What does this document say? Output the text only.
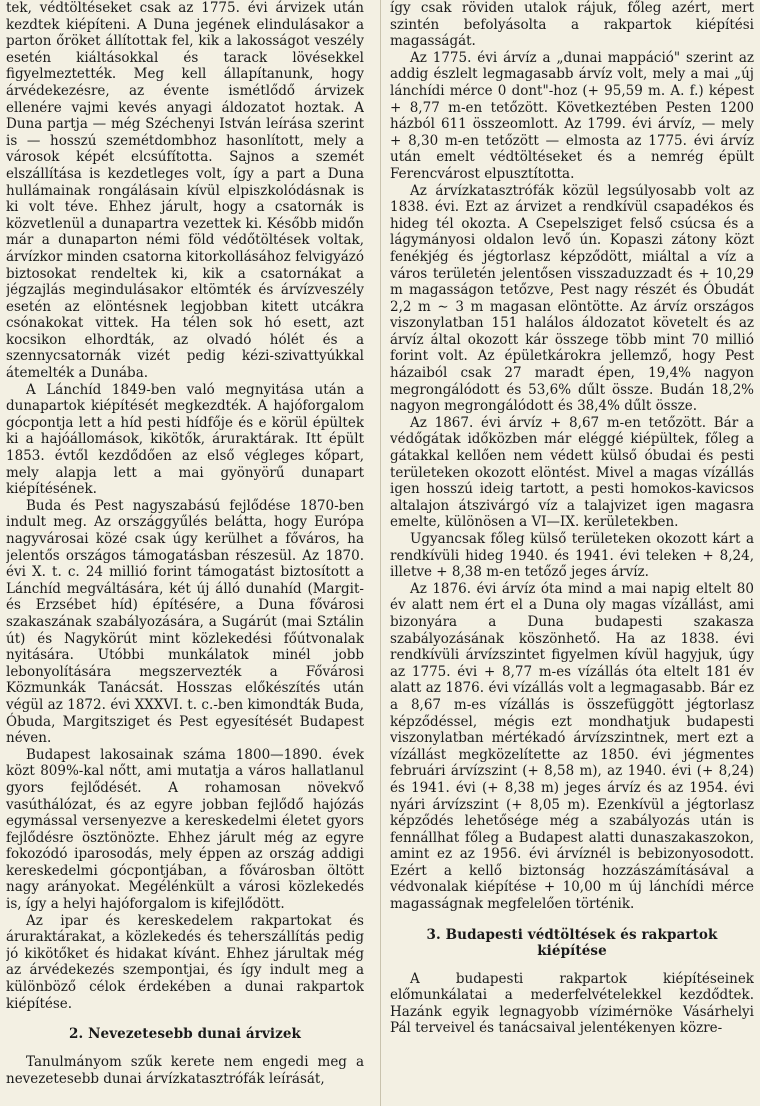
tek, védtöltéseket csak az 1775. évi árvizek után kezdtek kiépíteni. A Duna jegének elindulásakor a parton őröket állítottak fel, kik a lakosságot veszély esetén kiáltásokkal és tarack lövésekkel figyelmeztették. Meg kell állapítanunk, hogy árvédekezésre, az évente ismétlődő árvizek ellenére vajmi kevés anyagi áldozatot hoztak. A Duna partja — még Széchenyi István leírása szerint is — hosszú szemétdombhoz hasonlított, mely a városok képét elcsúfította. Sajnos a szemét elszállítása is kezdetleges volt, így a part a Duna hullámainak rongálásain kívül elpiszkolódásnak is ki volt téve. Ehhez járult, hogy a csatornák is közvetlenül a dunapartra vezettek ki. Később midőn már a dunaparton némi föld védőtöltések voltak, árvízkor minden csatorna kitorkollásához felvigyázó biztosokat rendeltek ki, kik a csatornákat a jégzajlás megindulásakor eltömték és árvízveszély esetén az elöntésnek legjobban kitett utcákra csónakokat vittek. Ha télen sok hó esett, azt kocsikon elhordták, az olvadó hólét és a szennycsatornák vizét pedig kézi-szivattyúkkal átemelték a Dunába.

A Lánchíd 1849-ben való megnyitása után a dunapartok kiépítését megkezdték. A hajóforgalom gócpontja lett a híd pesti hídfője és e körül épültek ki a hajóállomások, kikötők, áruraktárak. Itt épült 1853. évtől kezdődően az első végleges kőpart, mely alapja lett a mai gyönyörű dunapart kiépítésének.

Buda és Pest nagyszabású fejlődése 1870-ben indult meg. Az országgyűlés belátta, hogy Európa nagyvárosai közé csak úgy kerülhet a főváros, ha jelentős országos támogatásban részesül. Az 1870. évi X. t. c. 24 millió forint támogatást biztosított a Lánchíd megváltására, két új álló dunahíd (Margit- és Erzsébet híd) építésére, a Duna fővárosi szakaszának szabályozására, a Sugárút (mai Sztálin út) és Nagykörút mint közlekedési főútvonalak nyitására. Utóbbi munkálatok minél jobb lebonyolítására megszervezték a Fővárosi Közmunkák Tanácsát. Hosszas előkészítés után végül az 1872. évi XXXVI. t. c.-ben kimondták Buda, Óbuda, Margitsziget és Pest egyesítését Budapest néven.

Budapest lakosainak száma 1800—1890. évek közt 809%-kal nőtt, ami mutatja a város hallatlanul gyors fejlődését. A rohamosan növekvő vasúthálózat, és az egyre jobban fejlődő hajózás egymással versenyezve a kereskedelmi életet gyors fejlődésre ösztönözte. Ehhez járult még az egyre fokozódó iparosodás, mely éppen az ország addigi kereskedelmi gócpontjában, a fővárosban öltött nagy arányokat. Megélénkült a városi közlekedés is, így a helyi hajóforgalom is kifejlődött.

Az ipar és kereskedelem rakpartokat és áruraktárakat, a közlekedés és teherszállítás pedig jó kikötőket és hidakat kívánt. Ehhez járultak még az árvédekezés szempontjai, és így indult meg a különböző célok érdekében a dunai rakpartok kiépítése.

2. Nevezetesebb dunai árvizek

Tanulmányom szűk kerete nem engedi meg a nevezetesebb dunai árvízkatasztrófák leírását,

így csak röviden utalok rájuk, főleg azért, mert szintén befolyásolta a rakpartok kiépítési magasságát.

Az 1775. évi árvíz a „dunai mappáció" szerint az addig észlelt legmagasabb árvíz volt, mely a mai „új lánchídi mérce 0 dont"-hoz (+ 95,59 m. A. f.) képest + 8,77 m-en tetőzött. Következtében Pesten 1200 házból 611 összeomlott. Az 1799. évi árvíz, — mely + 8,30 m-en tetőzött — elmosta az 1775. évi árvíz után emelt védtöltéseket és a nemrég épült Ferencvárost elpusztította.

Az árvízkatasztrófák közül legsúlyosabb volt az 1838. évi. Ezt az árvizet a rendkívül csapadékos és hideg tél okozta. A Csepelsziget felső csúcsa és a lágymányosi oldalon levő ún. Kopaszi zátony közt fenékjég és jégtorlasz képződött, miáltal a víz a város területén jelentősen visszaduzzadt és + 10,29 m magasságon tetőzve, Pest nagy részét és Óbudát 2,2 m ∼ 3 m magasan elöntötte. Az árvíz országos viszonylatban 151 halálos áldozatot követelt és az árvíz által okozott kár összege több mint 70 millió forint volt. Az épületkárokra jellemző, hogy Pest házaiból csak 27 maradt épen, 19,4% nagyon megrongálódott és 53,6% dűlt össze. Budán 18,2% nagyon megrongálódott és 38,4% dűlt össze.

Az 1867. évi árvíz + 8,67 m-en tetőzött. Bár a védőgátak időközben már eléggé kiépültek, főleg a gátakkal kellően nem védett külső óbudai és pesti területeken okozott elöntést. Mivel a magas vízállás igen hosszú ideig tartott, a pesti homokos-kavicsos altalajon átszivárgó víz a talajvizet igen magasra emelte, különösen a VI—IX. kerületekben.

Ugyancsak főleg külső területeken okozott kárt a rendkívüli hideg 1940. és 1941. évi teleken + 8,24, illetve + 8,38 m-en tetőző jeges árvíz.

Az 1876. évi árvíz óta mind a mai napig eltelt 80 év alatt nem ért el a Duna oly magas vízállást, ami bizonyára a Duna budapesti szakasza szabályozásának köszönhető. Ha az 1838. évi rendkívüli árvízszintet figyelmen kívül hagyjuk, úgy az 1775. évi + 8,77 m-es vízállás óta eltelt 181 év alatt az 1876. évi vízállás volt a legmagasabb. Bár ez a 8,67 m-es vízállás is összefüggött jégtorlasz képződéssel, mégis ezt mondhatjuk budapesti viszonylatban mértékadó árvízszintnek, mert ezt a vízállást megközelítette az 1850. évi jégmentes februári árvízszint (+ 8,58 m), az 1940. évi (+ 8,24) és 1941. évi (+ 8,38 m) jeges árvíz és az 1954. évi nyári árvízszint (+ 8,05 m). Ezenkívül a jégtorlasz képződés lehetősége még a szabályozás után is fennállhat főleg a Budapest alatti dunaszakaszokon, amint ez az 1956. évi árvíznél is bebizonyosodott. Ezért a kellő biztonság hozzászámításával a védvonalak kiépítése + 10,00 m új lánchídi mérce magasságnak megfelelően történik.

3. Budapesti védtöltések és rakpartok kiépítése

A budapesti rakpartok kiépítéseinek előmunkálatai a mederfelvételekkel kezdődtek. Hazánk egyik legnagyobb vízimérnöke Vásárhelyi Pál terveivel és tanácsaival jelentékenyen közre-
